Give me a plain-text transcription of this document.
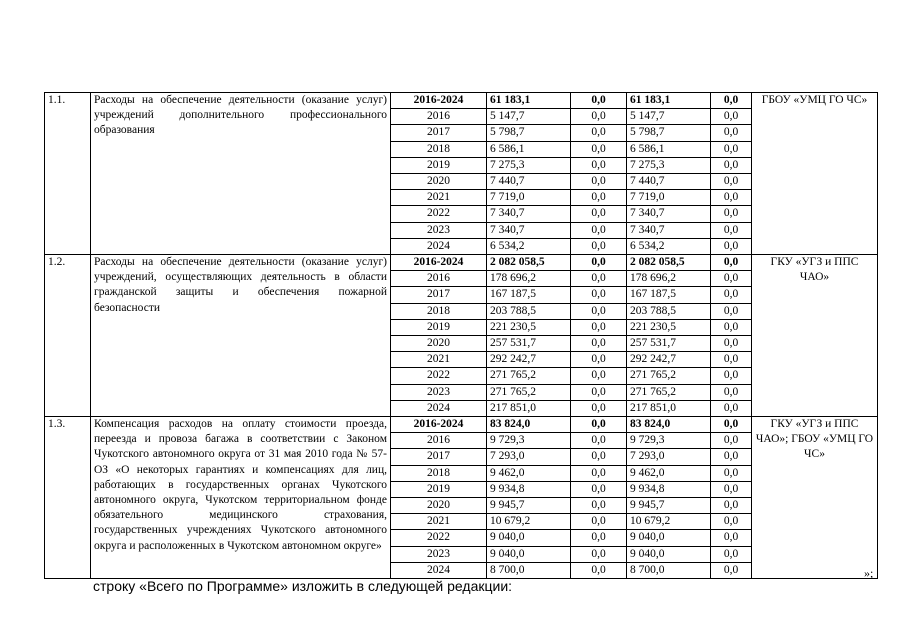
1.1.	Расходы на обеспечение деятельности (оказание услуг) учреждений дополнительного профессионального образования	2016-2024	61 183,1	0,0	61 183,1	0,0	ГБОУ «УМЦ ГО ЧС»
		2016	5 147,7	0,0	5 147,7	0,0	
		2017	5 798,7	0,0	5 798,7	0,0	
		2018	6 586,1	0,0	6 586,1	0,0	
		2019	7 275,3	0,0	7 275,3	0,0	
		2020	7 440,7	0,0	7 440,7	0,0	
		2021	7 719,0	0,0	7 719,0	0,0	
		2022	7 340,7	0,0	7 340,7	0,0	
		2023	7 340,7	0,0	7 340,7	0,0	
		2024	6 534,2	0,0	6 534,2	0,0	
1.2.	Расходы на обеспечение деятельности (оказание услуг) учреждений, осуществляющих деятельность в области гражданской защиты и обеспечения пожарной безопасности	2016-2024	2 082 058,5	0,0	2 082 058,5	0,0	ГКУ «УГЗ и ППС ЧАО»
		2016	178 696,2	0,0	178 696,2	0,0	
		2017	167 187,5	0,0	167 187,5	0,0	
		2018	203 788,5	0,0	203 788,5	0,0	
		2019	221 230,5	0,0	221 230,5	0,0	
		2020	257 531,7	0,0	257 531,7	0,0	
		2021	292 242,7	0,0	292 242,7	0,0	
		2022	271 765,2	0,0	271 765,2	0,0	
		2023	271 765,2	0,0	271 765,2	0,0	
		2024	217 851,0	0,0	217 851,0	0,0	
1.3.	Компенсация расходов на оплату стоимости проезда, переезда и провоза багажа в соответствии с Законом Чукотского автономного округа от 31 мая 2010 года № 57-ОЗ «О некоторых гарантиях и компенсациях для лиц, работающих в государственных органах Чукотского автономного округа, Чукотском территориальном фонде обязательного медицинского страхования, государственных учреждениях Чукотского автономного округа и расположенных в Чукотском автономном округе»	2016-2024	83 824,0	0,0	83 824,0	0,0	ГКУ «УГЗ и ППС ЧАО»; ГБОУ «УМЦ ГО ЧС»
		2016	9 729,3	0,0	9 729,3	0,0	
		2017	7 293,0	0,0	7 293,0	0,0	
		2018	9 462,0	0,0	9 462,0	0,0	
		2019	9 934,8	0,0	9 934,8	0,0	
		2020	9 945,7	0,0	9 945,7	0,0	
		2021	10 679,2	0,0	10 679,2	0,0	
		2022	9 040,0	0,0	9 040,0	0,0	
		2023	9 040,0	0,0	9 040,0	0,0	
		2024	8 700,0	0,0	8 700,0	0,0		»;
строку «Всего по Программе» изложить в следующей редакции:
